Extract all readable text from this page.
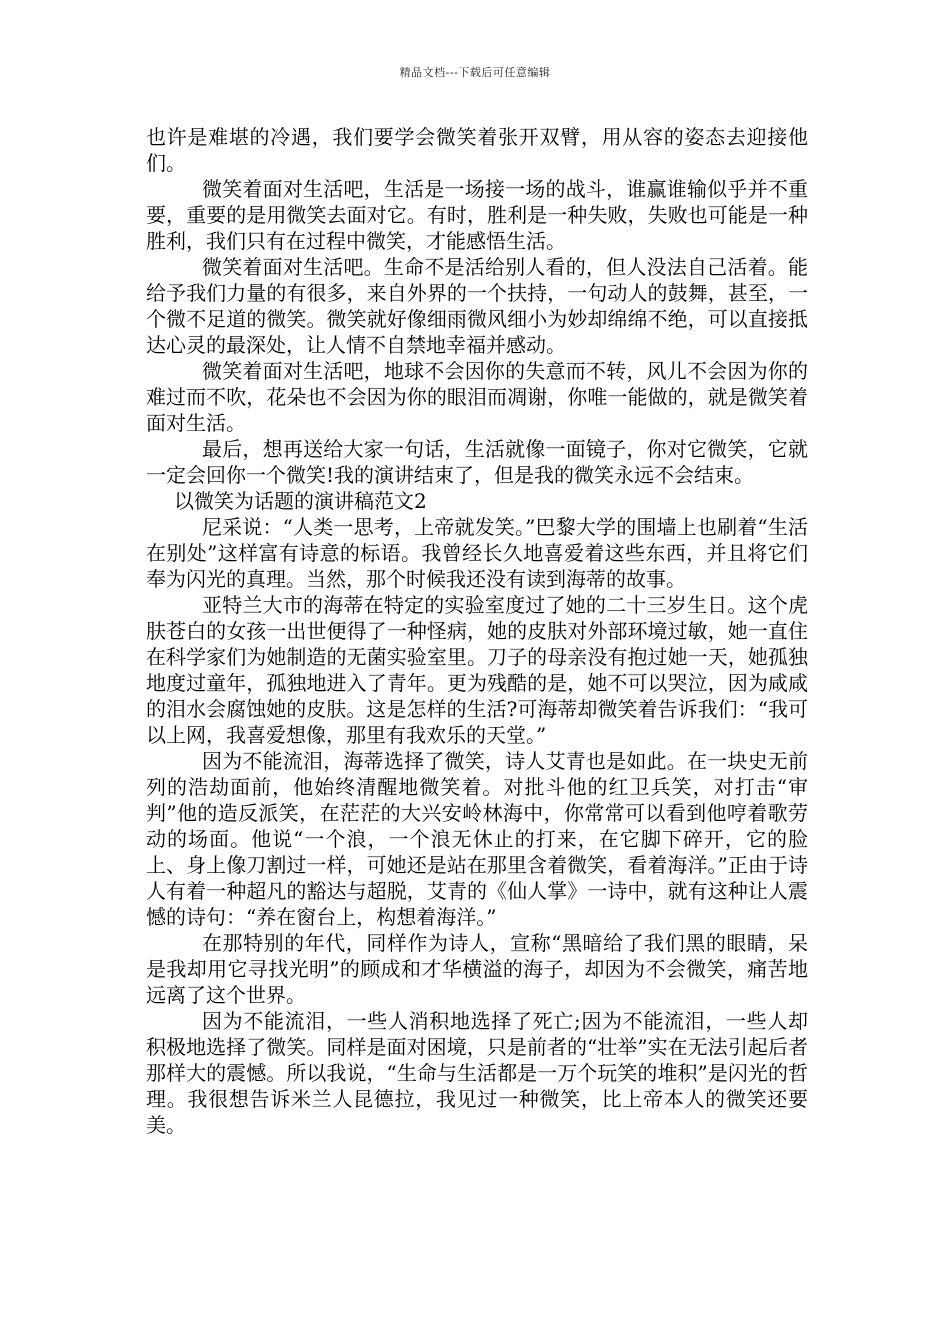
精品文档---下载后可任意编辑

也许是难堪的冷遇，我们要学会微笑着张开双臂，用从容的姿态去迎接他们。

微笑着面对生活吧，生活是一场接一场的战斗，谁赢谁输似乎并不重要，重要的是用微笑去面对它。有时，胜利是一种失败，失败也可能是一种胜利，我们只有在过程中微笑，才能感悟生活。

微笑着面对生活吧。生命不是活给别人看的，但人没法自己活着。能给予我们力量的有很多，来自外界的一个扶持，一句动人的鼓舞，甚至，一个微不足道的微笑。微笑就好像细雨微风细小为妙却绵绵不绝，可以直接抵达心灵的最深处，让人情不自禁地幸福并感动。

微笑着面对生活吧，地球不会因你的失意而不转，风儿不会因为你的难过而不吹，花朵也不会因为你的眼泪而凋谢，你唯一能做的，就是微笑着面对生活。

最后，想再送给大家一句话，生活就像一面镜子，你对它微笑，它就一定会回你一个微笑!我的演讲结束了，但是我的微笑永远不会结束。

以微笑为话题的演讲稿范文2

尼采说：“人类一思考，上帝就发笑。”巴黎大学的围墙上也刷着“生活在别处”这样富有诗意的标语。我曾经长久地喜爱着这些东西，并且将它们奉为闪光的真理。当然，那个时候我还没有读到海蒂的故事。

亚特兰大市的海蒂在特定的实验室度过了她的二十三岁生日。这个虎肤苍白的女孩一出世便得了一种怪病，她的皮肤对外部环境过敏，她一直住在科学家们为她制造的无菌实验室里。刀子的母亲没有抱过她一天，她孤独地度过童年，孤独地进入了青年。更为残酷的是，她不可以哭泣，因为咸咸的泪水会腐蚀她的皮肤。这是怎样的生活?可海蒂却微笑着告诉我们：“我可以上网，我喜爱想像，那里有我欢乐的天堂。”

因为不能流泪，海蒂选择了微笑，诗人艾青也是如此。在一块史无前列的浩劫面前，他始终清醒地微笑着。对批斗他的红卫兵笑，对打击“审判”他的造反派笑，在茫茫的大兴安岭林海中，你常常可以看到他哼着歌劳动的场面。他说“一个浪，一个浪无休止的打来，在它脚下碎开，它的脸上、身上像刀割过一样，可她还是站在那里含着微笑，看着海洋。”正由于诗人有着一种超凡的豁达与超脱，艾青的《仙人掌》一诗中，就有这种让人震憾的诗句：“养在窗台上，构想着海洋。”

在那特别的年代，同样作为诗人，宣称“黑暗给了我们黑的眼睛，呆是我却用它寻找光明”的顾成和才华横溢的海子，却因为不会微笑，痛苦地远离了这个世界。

因为不能流泪，一些人消积地选择了死亡;因为不能流泪，一些人却积极地选择了微笑。同样是面对困境，只是前者的“壮举”实在无法引起后者那样大的震憾。所以我说，“生命与生活都是一万个玩笑的堆积”是闪光的哲理。我很想告诉米兰人昆德拉，我见过一种微笑，比上帝本人的微笑还要美。
